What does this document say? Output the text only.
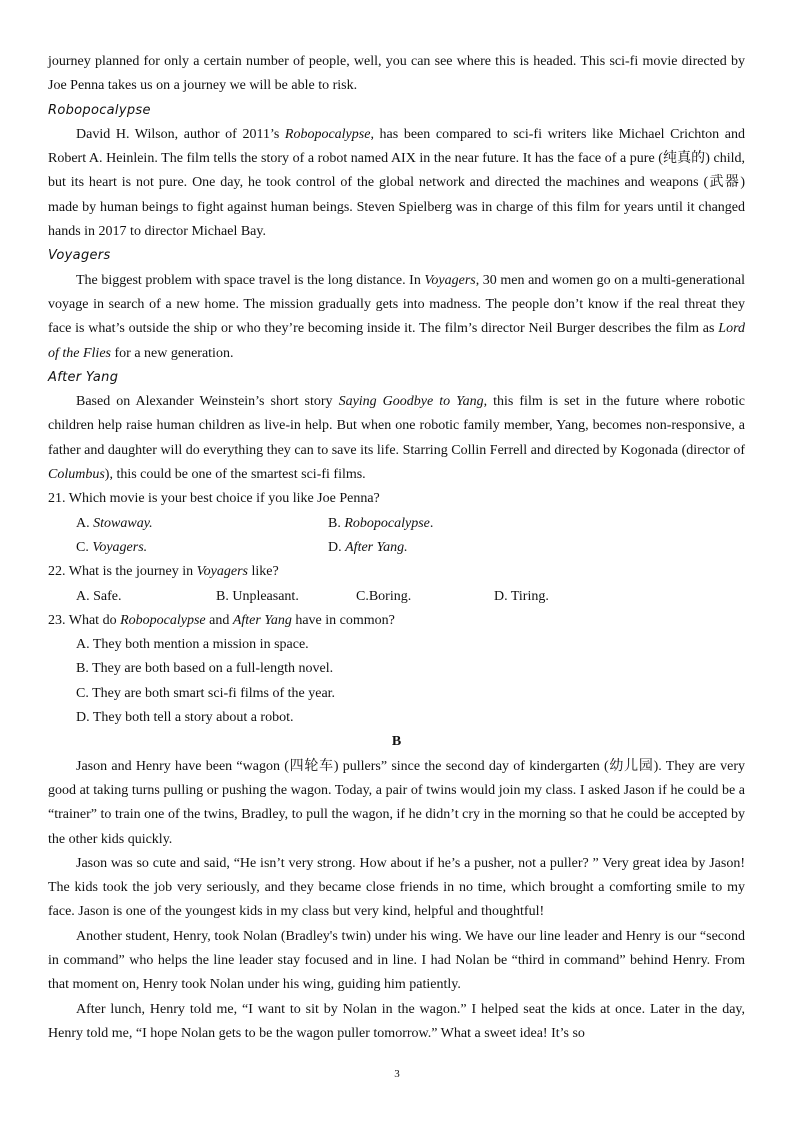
journey planned for only a certain number of people, well, you can see where this is headed. This sci-fi movie directed by Joe Penna takes us on a journey we will be able to risk.

Robopocalypse

David H. Wilson, author of 2011’s Robopocalypse, has been compared to sci-fi writers like Michael Crichton and Robert A. Heinlein. The film tells the story of a robot named AIX in the near future. It has the face of a pure (纯真的) child, but its heart is not pure. One day, he took control of the global network and directed the machines and weapons (武器) made by human beings to fight against human beings. Steven Spielberg was in charge of this film for years until it changed hands in 2017 to director Michael Bay.

Voyagers

The biggest problem with space travel is the long distance. In Voyagers, 30 men and women go on a multi-generational voyage in search of a new home. The mission gradually gets into madness. The people don’t know if the real threat they face is what’s outside the ship or who they’re becoming inside it. The film’s director Neil Burger describes the film as Lord of the Flies for a new generation.

After Yang

Based on Alexander Weinstein’s short story Saying Goodbye to Yang, this film is set in the future where robotic children help raise human children as live-in help. But when one robotic family member, Yang, becomes non-responsive, a father and daughter will do everything they can to save its life. Starring Collin Ferrell and directed by Kogonada (director of Columbus), this could be one of the smartest sci-fi films.

21. Which movie is your best choice if you like Joe Penna?
A. Stowaway.	B. Robopocalypse.
C. Voyagers.	D. After Yang.
22. What is the journey in Voyagers like?
A. Safe.	B. Unpleasant.	C.Boring.	D. Tiring.
23. What do Robopocalypse and After Yang have in common?
A. They both mention a mission in space.
B. They are both based on a full-length novel.
C. They are both smart sci-fi films of the year.
D. They both tell a story about a robot.
B

Jason and Henry have been “wagon (四轮车) pullers” since the second day of kindergarten (幼儿园). They are very good at taking turns pulling or pushing the wagon. Today, a pair of twins would join my class. I asked Jason if he could be a “trainer” to train one of the twins, Bradley, to pull the wagon, if he didn’t cry in the morning so that he could be accepted by the other kids quickly.

Jason was so cute and said, “He isn’t very strong. How about if he’s a pusher, not a puller? ” Very great idea by Jason! The kids took the job very seriously, and they became close friends in no time, which brought a comforting smile to my face. Jason is one of the youngest kids in my class but very kind, helpful and thoughtful!

Another student, Henry, took Nolan (Bradley's twin) under his wing. We have our line leader and Henry is our “second in command” who helps the line leader stay focused and in line. I had Nolan be “third in command” behind Henry. From that moment on, Henry took Nolan under his wing, guiding him patiently.

After lunch, Henry told me, “I want to sit by Nolan in the wagon.” I helped seat the kids at once. Later in the day, Henry told me, “I hope Nolan gets to be the wagon puller tomorrow.” What a sweet idea! It’s so

3
